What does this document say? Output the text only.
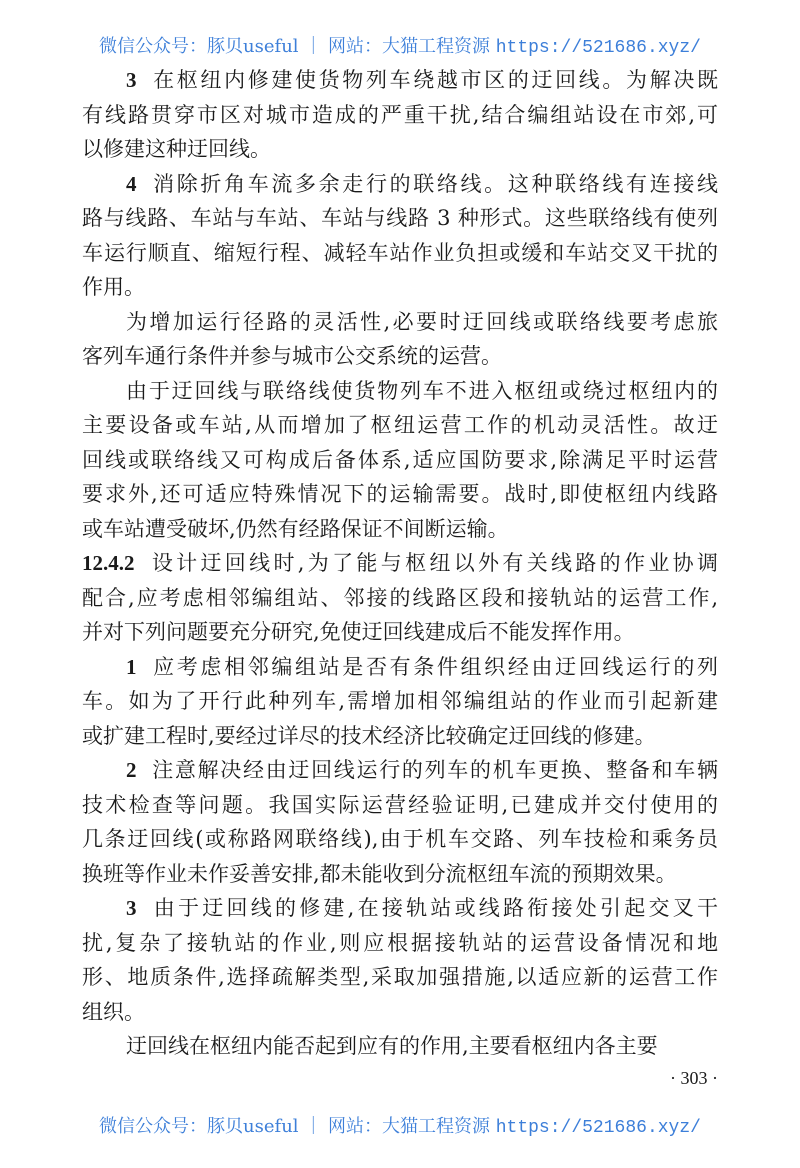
微信公众号：豚贝useful ｜ 网站：大猫工程资源 https://521686.xyz/
3 在枢纽内修建使货物列车绕越市区的迂回线。为解决既
有线路贯穿市区对城市造成的严重干扰,结合编组站设在市郊,可
以修建这种迂回线。
4 消除折角车流多余走行的联络线。这种联络线有连接线
路与线路、车站与车站、车站与线路 3 种形式。这些联络线有使列
车运行顺直、缩短行程、减轻车站作业负担或缓和车站交叉干扰的
作用。
为增加运行径路的灵活性,必要时迂回线或联络线要考虑旅
客列车通行条件并参与城市公交系统的运营。
由于迂回线与联络线使货物列车不进入枢纽或绕过枢纽内的
主要设备或车站,从而增加了枢纽运营工作的机动灵活性。故迂
回线或联络线又可构成后备体系,适应国防要求,除满足平时运营
要求外,还可适应特殊情况下的运输需要。战时,即使枢纽内线路
或车站遭受破坏,仍然有经路保证不间断运输。
12.4.2 设计迂回线时,为了能与枢纽以外有关线路的作业协调
配合,应考虑相邻编组站、邻接的线路区段和接轨站的运营工作,
并对下列问题要充分研究,免使迂回线建成后不能发挥作用。
1 应考虑相邻编组站是否有条件组织经由迂回线运行的列
车。如为了开行此种列车,需增加相邻编组站的作业而引起新建
或扩建工程时,要经过详尽的技术经济比较确定迂回线的修建。
2 注意解决经由迂回线运行的列车的机车更换、整备和车辆
技术检查等问题。我国实际运营经验证明,已建成并交付使用的
几条迂回线(或称路网联络线),由于机车交路、列车技检和乘务员
换班等作业未作妥善安排,都未能收到分流枢纽车流的预期效果。
3 由于迂回线的修建,在接轨站或线路衔接处引起交叉干
扰,复杂了接轨站的作业,则应根据接轨站的运营设备情况和地
形、地质条件,选择疏解类型,采取加强措施,以适应新的运营工作
组织。
迂回线在枢纽内能否起到应有的作用,主要看枢纽内各主要
· 303 ·
微信公众号：豚贝useful ｜ 网站：大猫工程资源 https://521686.xyz/
